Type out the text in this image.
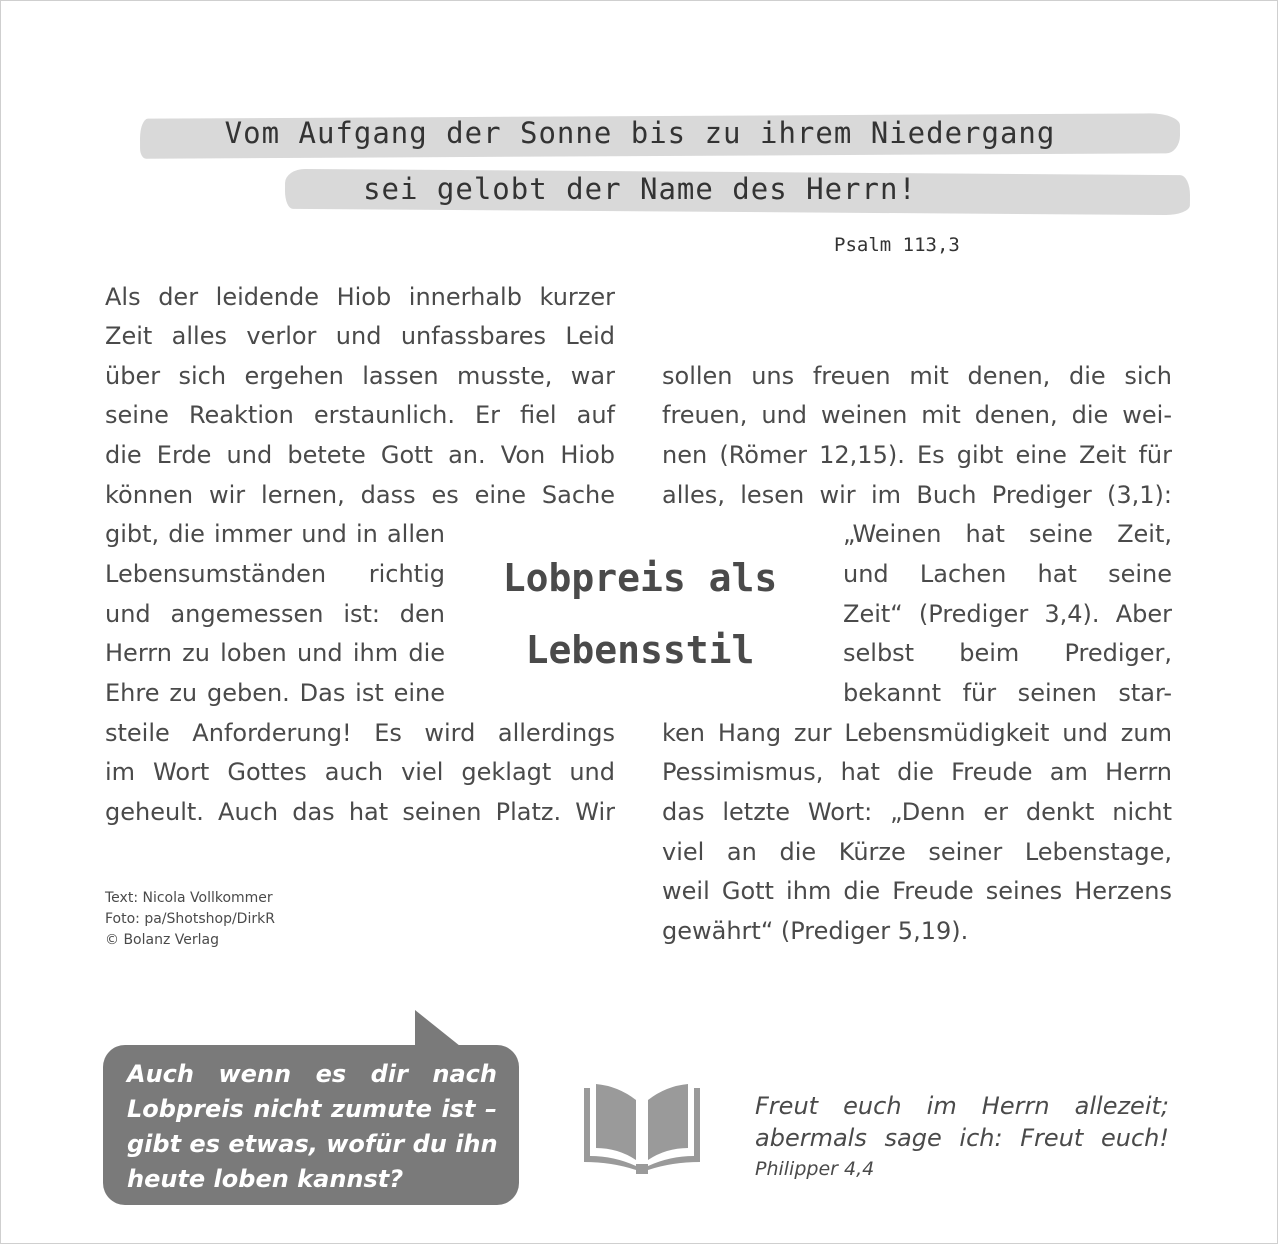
Vom Aufgang der Sonne bis zu ihrem Niedergang
sei gelobt der Name des Herrn!
Psalm 113,3
Als der leidende Hiob innerhalb kurzer
Zeit alles verlor und unfassbares Leid
über sich ergehen lassen musste, war
seine Reaktion erstaunlich. Er fiel auf
die Erde und betete Gott an. Von Hiob
können wir lernen, dass es eine Sache
gibt, die immer und in allen
Lebensumständen richtig
und angemessen ist: den
Herrn zu loben und ihm die
Ehre zu geben. Das ist eine
steile Anforderung! Es wird allerdings
im Wort Gottes auch viel geklagt und
geheult. Auch das hat seinen Platz. Wir
Lobpreis als
Lebensstil
sollen uns freuen mit denen, die sich
freuen, und weinen mit denen, die wei-
nen (Römer 12,15). Es gibt eine Zeit für
alles, lesen wir im Buch Prediger (3,1):
„Weinen hat seine Zeit,
und Lachen hat seine
Zeit“ (Prediger 3,4). Aber
selbst beim Prediger,
bekannt für seinen star-
ken Hang zur Lebensmüdigkeit und zum
Pessimismus, hat die Freude am Herrn
das letzte Wort: „Denn er denkt nicht
viel an die Kürze seiner Lebenstage,
weil Gott ihm die Freude seines Herzens
gewährt“ (Prediger 5,19).
Text: Nicola Vollkommer
Foto: pa/Shotshop/DirkR
© Bolanz Verlag
Auch wenn es dir nach
Lobpreis nicht zumute ist –
gibt es etwas, wofür du ihn
heute loben kannst?
Freut euch im Herrn allezeit;
abermals sage ich: Freut euch!
Philipper 4,4
